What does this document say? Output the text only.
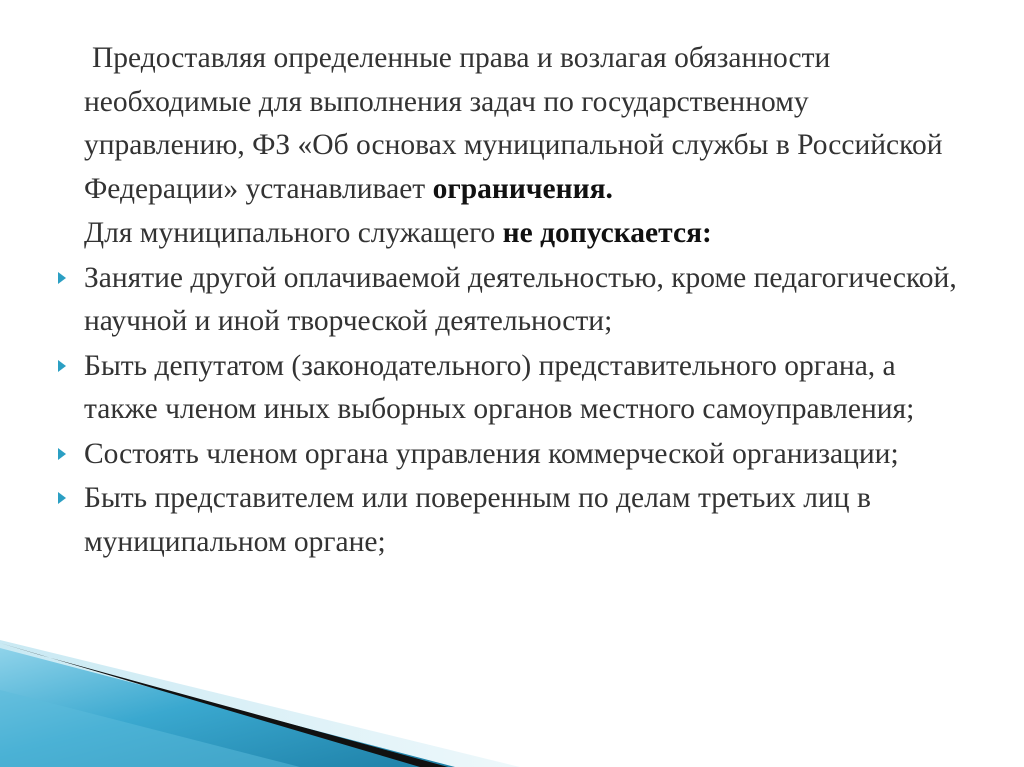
Предоставляя определенные права и возлагая обязанности необходимые для выполнения задач по государственному управлению, ФЗ «Об основах муниципальной службы в Российской Федерации» устанавливает ограничения.

Для муниципального служащего не допускается:

Занятие другой оплачиваемой деятельностью, кроме педагогической, научной и иной творческой деятельности;
Быть депутатом (законодательного) представительного органа, а также членом иных выборных органов местного самоуправления;
Состоять членом органа управления коммерческой организации;
Быть представителем или поверенным по делам третьих лиц в муниципальном органе;
